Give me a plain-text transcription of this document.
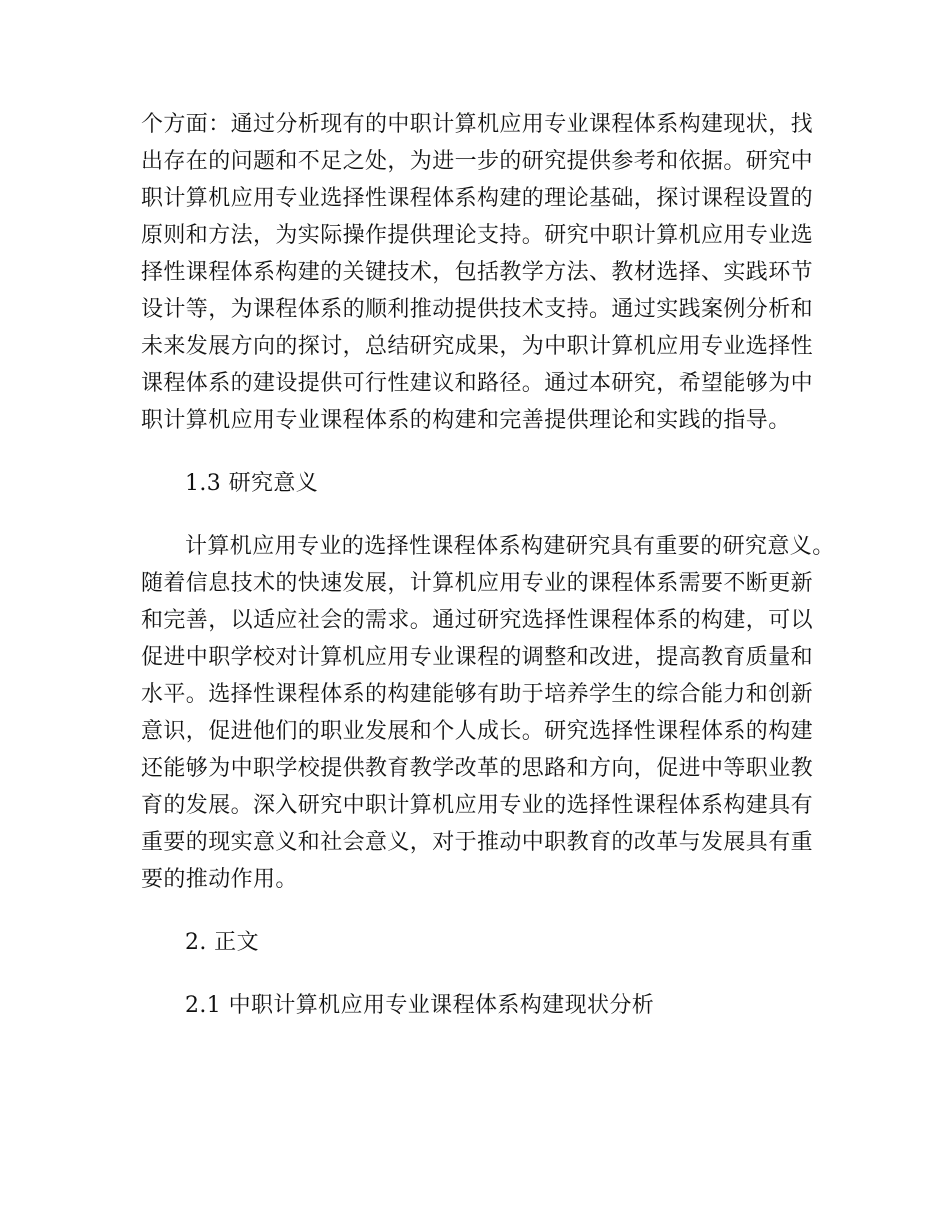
个方面：通过分析现有的中职计算机应用专业课程体系构建现状，找
出存在的问题和不足之处，为进一步的研究提供参考和依据。研究中
职计算机应用专业选择性课程体系构建的理论基础，探讨课程设置的
原则和方法，为实际操作提供理论支持。研究中职计算机应用专业选
择性课程体系构建的关键技术，包括教学方法、教材选择、实践环节
设计等，为课程体系的顺利推动提供技术支持。通过实践案例分析和
未来发展方向的探讨，总结研究成果，为中职计算机应用专业选择性
课程体系的建设提供可行性建议和路径。通过本研究，希望能够为中
职计算机应用专业课程体系的构建和完善提供理论和实践的指导。
1.3 研究意义
计算机应用专业的选择性课程体系构建研究具有重要的研究意义。
随着信息技术的快速发展，计算机应用专业的课程体系需要不断更新
和完善，以适应社会的需求。通过研究选择性课程体系的构建，可以
促进中职学校对计算机应用专业课程的调整和改进，提高教育质量和
水平。选择性课程体系的构建能够有助于培养学生的综合能力和创新
意识，促进他们的职业发展和个人成长。研究选择性课程体系的构建
还能够为中职学校提供教育教学改革的思路和方向，促进中等职业教
育的发展。深入研究中职计算机应用专业的选择性课程体系构建具有
重要的现实意义和社会意义，对于推动中职教育的改革与发展具有重
要的推动作用。
2. 正文
2.1 中职计算机应用专业课程体系构建现状分析
